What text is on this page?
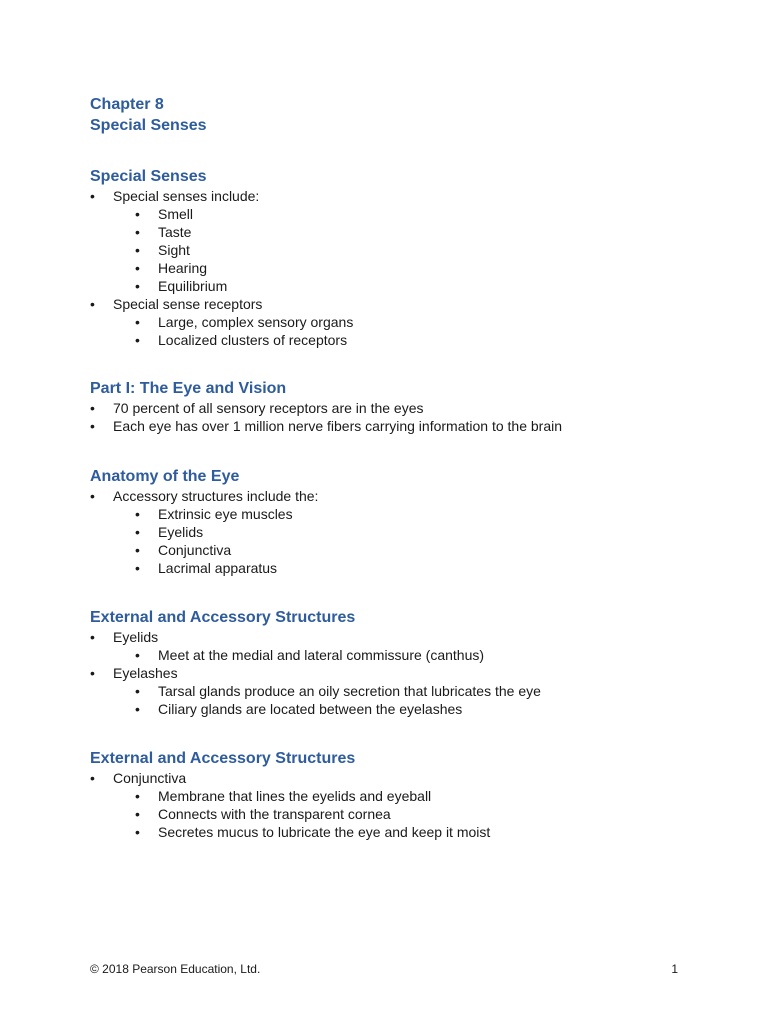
Chapter 8

Special Senses

Special Senses

• Special senses include:
• Smell
• Taste
• Sight
• Hearing
• Equilibrium
• Special sense receptors
• Large, complex sensory organs
• Localized clusters of receptors

Part I: The Eye and Vision

• 70 percent of all sensory receptors are in the eyes
• Each eye has over 1 million nerve fibers carrying information to the brain

Anatomy of the Eye

• Accessory structures include the:
• Extrinsic eye muscles
• Eyelids
• Conjunctiva
• Lacrimal apparatus

External and Accessory Structures

• Eyelids
• Meet at the medial and lateral commissure (canthus)
• Eyelashes
• Tarsal glands produce an oily secretion that lubricates the eye
• Ciliary glands are located between the eyelashes

External and Accessory Structures

• Conjunctiva
• Membrane that lines the eyelids and eyeball
• Connects with the transparent cornea
• Secretes mucus to lubricate the eye and keep it moist
© 2018 Pearson Education, Ltd.	1
